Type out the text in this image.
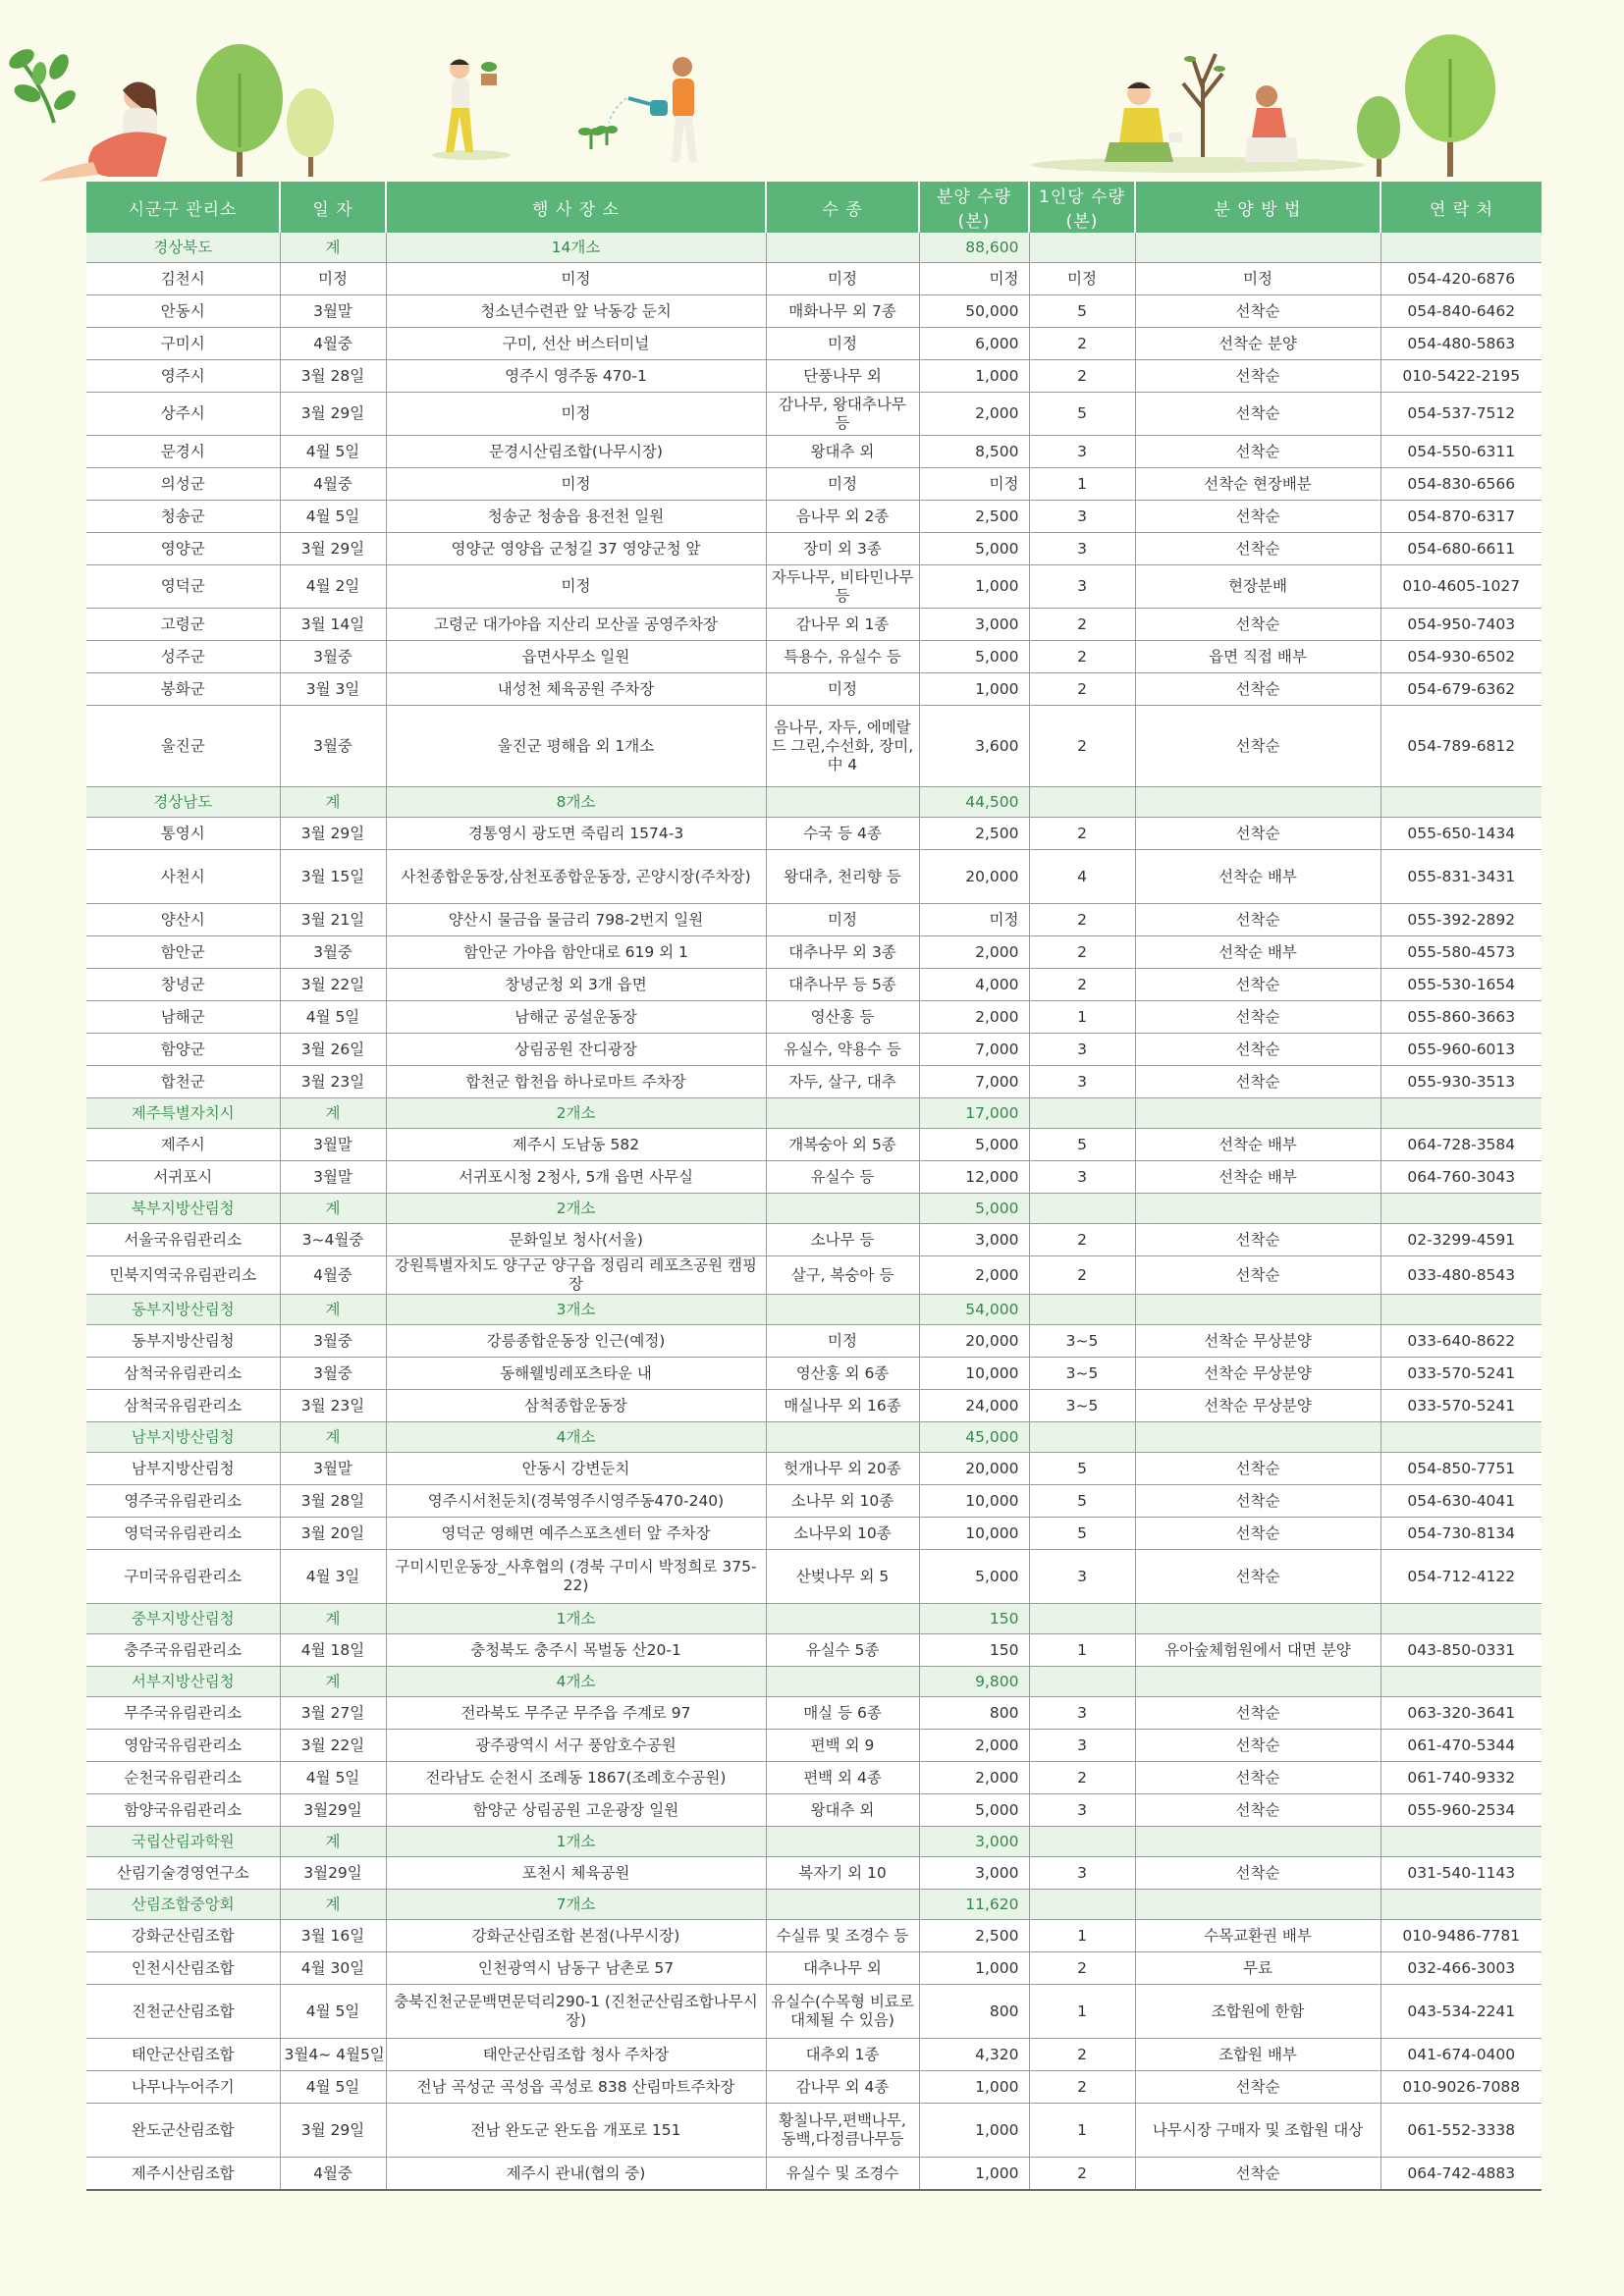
시군구 관리소	일 자	행 사 장 소	수 종	분양 수량(본)	1인당 수량(본)	분 양 방 법	연 락 처
경상북도	계	14개소		88,600			
김천시	미정	미정	미정	미정	미정	미정	054-420-6876
안동시	3월말	청소년수련관 앞 낙동강 둔치	매화나무 외 7종	50,000	5	선착순	054-840-6462
구미시	4월중	구미, 선산 버스터미널	미정	6,000	2	선착순 분양	054-480-5863
영주시	3월 28일	영주시 영주동 470-1	단풍나무 외	1,000	2	선착순	010-5422-2195
상주시	3월 29일	미정	감나무, 왕대추나무 등	2,000	5	선착순	054-537-7512
문경시	4월 5일	문경시산림조합(나무시장)	왕대추 외	8,500	3	선착순	054-550-6311
의성군	4월중	미정	미정	미정	1	선착순 현장배분	054-830-6566
청송군	4월 5일	청송군 청송읍 용전천 일원	음나무 외 2종	2,500	3	선착순	054-870-6317
영양군	3월 29일	영양군 영양읍 군청길 37 영양군청 앞	장미 외 3종	5,000	3	선착순	054-680-6611
영덕군	4월 2일	미정	자두나무, 비타민나무 등	1,000	3	현장분배	010-4605-1027
고령군	3월 14일	고령군 대가야읍 지산리 모산골 공영주차장	감나무 외 1종	3,000	2	선착순	054-950-7403
성주군	3월중	읍면사무소 일원	특용수, 유실수 등	5,000	2	읍면 직접 배부	054-930-6502
봉화군	3월 3일	내성천 체육공원 주차장	미정	1,000	2	선착순	054-679-6362
울진군	3월중	울진군 평해읍 외 1개소	음나무, 자두, 에메랄드 그린,수선화, 장미, 中 4	3,600	2	선착순	054-789-6812
경상남도	계	8개소		44,500			
통영시	3월 29일	경통영시 광도면 죽림리 1574-3	수국 등 4종	2,500	2	선착순	055-650-1434
사천시	3월 15일	사천종합운동장,삼천포종합운동장, 곤양시장(주차장)	왕대추, 천리향 등	20,000	4	선착순 배부	055-831-3431
양산시	3월 21일	양산시 물금읍 물금리 798-2번지 일원	미정	미정	2	선착순	055-392-2892
함안군	3월중	함안군 가야읍 함안대로 619 외 1	대추나무 외 3종	2,000	2	선착순 배부	055-580-4573
창녕군	3월 22일	창녕군청 외 3개 읍면	대추나무 등 5종	4,000	2	선착순	055-530-1654
남해군	4월 5일	남해군 공설운동장	영산홍 등	2,000	1	선착순	055-860-3663
함양군	3월 26일	상림공원 잔디광장	유실수, 약용수 등	7,000	3	선착순	055-960-6013
합천군	3월 23일	합천군 합천읍 하나로마트 주차장	자두, 살구, 대추	7,000	3	선착순	055-930-3513
제주특별자치시	계	2개소		17,000			
제주시	3월말	제주시 도남동 582	개복숭아 외 5종	5,000	5	선착순 배부	064-728-3584
서귀포시	3월말	서귀포시청 2청사, 5개 읍면 사무실	유실수 등	12,000	3	선착순 배부	064-760-3043
북부지방산림청	계	2개소		5,000			
서울국유림관리소	3~4월중	문화일보 청사(서울)	소나무 등	3,000	2	선착순	02-3299-4591
민북지역국유림관리소	4월중	강원특별자치도 양구군 양구읍 정림리 레포츠공원 캠핑장	살구, 복숭아 등	2,000	2	선착순	033-480-8543
동부지방산림청	계	3개소		54,000			
동부지방산림청	3월중	강릉종합운동장 인근(예정)	미정	20,000	3~5	선착순 무상분양	033-640-8622
삼척국유림관리소	3월중	동해웰빙레포츠타운 내	영산홍 외 6종	10,000	3~5	선착순 무상분양	033-570-5241
삼척국유림관리소	3월 23일	삼척종합운동장	매실나무 외 16종	24,000	3~5	선착순 무상분양	033-570-5241
남부지방산림청	계	4개소		45,000			
남부지방산림청	3월말	안동시 강변둔치	헛개나무 외 20종	20,000	5	선착순	054-850-7751
영주국유림관리소	3월 28일	영주시서천둔치(경북영주시영주동470-240)	소나무 외 10종	10,000	5	선착순	054-630-4041
영덕국유림관리소	3월 20일	영덕군 영해면 예주스포츠센터 앞 주차장	소나무외 10종	10,000	5	선착순	054-730-8134
구미국유림관리소	4월 3일	구미시민운동장_사후협의 (경북 구미시 박정희로 375-22)	산벚나무 외 5	5,000	3	선착순	054-712-4122
중부지방산림청	계	1개소		150			
충주국유림관리소	4월 18일	충청북도 충주시 목벌동 산20-1	유실수 5종	150	1	유아숲체험원에서 대면 분양	043-850-0331
서부지방산림청	계	4개소		9,800			
무주국유림관리소	3월 27일	전라북도 무주군 무주읍 주계로 97	매실 등 6종	800	3	선착순	063-320-3641
영암국유림관리소	3월 22일	광주광역시 서구 풍암호수공원	편백 외 9	2,000	3	선착순	061-470-5344
순천국유림관리소	4월 5일	전라남도 순천시 조례동 1867(조례호수공원)	편백 외 4종	2,000	2	선착순	061-740-9332
함양국유림관리소	3월29일	함양군 상림공원 고운광장 일원	왕대추 외	5,000	3	선착순	055-960-2534
국립산림과학원	계	1개소		3,000			
산림기술경영연구소	3월29일	포천시 체육공원	복자기 외 10	3,000	3	선착순	031-540-1143
산림조합중앙회	계	7개소		11,620			
강화군산림조합	3월 16일	강화군산림조합 본점(나무시장)	수실류 및 조경수 등	2,500	1	수목교환권 배부	010-9486-7781
인천시산림조합	4월 30일	인천광역시 남동구 남촌로 57	대추나무 외	1,000	2	무료	032-466-3003
진천군산림조합	4월 5일	충북진천군문백면문덕리290-1 (진천군산림조합나무시장)	유실수(수목형 비료로 대체될 수 있음)	800	1	조합원에 한함	043-534-2241
태안군산림조합	3월4~ 4월5일	태안군산림조합 청사 주차장	대추외 1종	4,320	2	조합원 배부	041-674-0400
나무나누어주기	4월 5일	전남 곡성군 곡성읍 곡성로 838 산림마트주차장	감나무 외 4종	1,000	2	선착순	010-9026-7088
완도군산림조합	3월 29일	전남 완도군 완도읍 개포로 151	황칠나무,편백나무, 동백,다정큼나무등	1,000	1	나무시장 구매자 및 조합원 대상	061-552-3338
제주시산림조합	4월중	제주시 관내(협의 중)	유실수 및 조경수	1,000	2	선착순	064-742-4883
